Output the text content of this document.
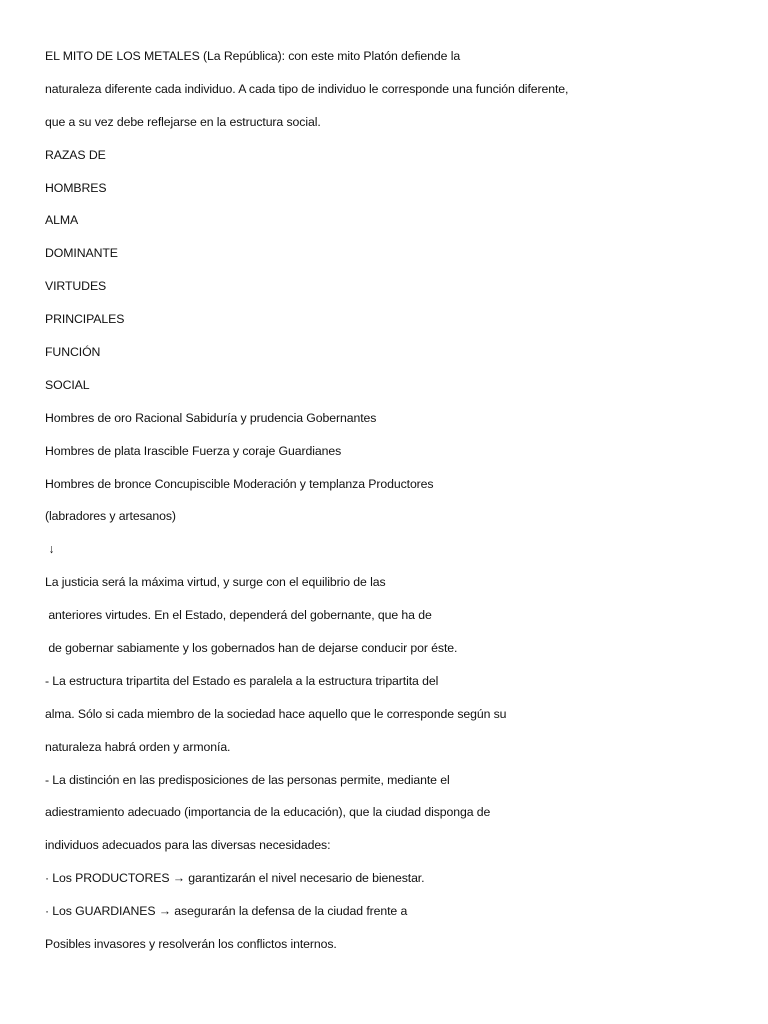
EL MITO DE LOS METALES (La República): con este mito Platón defiende la
naturaleza diferente cada individuo. A cada tipo de individuo le corresponde una función diferente,
que a su vez debe reflejarse en la estructura social.
RAZAS DE
HOMBRES
ALMA
DOMINANTE
VIRTUDES
PRINCIPALES
FUNCIÓN
SOCIAL
Hombres de oro Racional Sabiduría y prudencia Gobernantes
Hombres de plata Irascible Fuerza y coraje Guardianes
Hombres de bronce Concupiscible Moderación y templanza Productores
(labradores y artesanos)
↓
La justicia será la máxima virtud, y surge con el equilibrio de las
anteriores virtudes. En el Estado, dependerá del gobernante, que ha de
de gobernar sabiamente y los gobernados han de dejarse conducir por éste.
- La estructura tripartita del Estado es paralela a la estructura tripartita del
alma. Sólo si cada miembro de la sociedad hace aquello que le corresponde según su
naturaleza habrá orden y armonía.
- La distinción en las predisposiciones de las personas permite, mediante el
adiestramiento adecuado (importancia de la educación), que la ciudad disponga de
individuos adecuados para las diversas necesidades:
· Los PRODUCTORES → garantizarán el nivel necesario de bienestar.
· Los GUARDIANES → asegurarán la defensa de la ciudad frente a
Posibles invasores y resolverán los conflictos internos.
